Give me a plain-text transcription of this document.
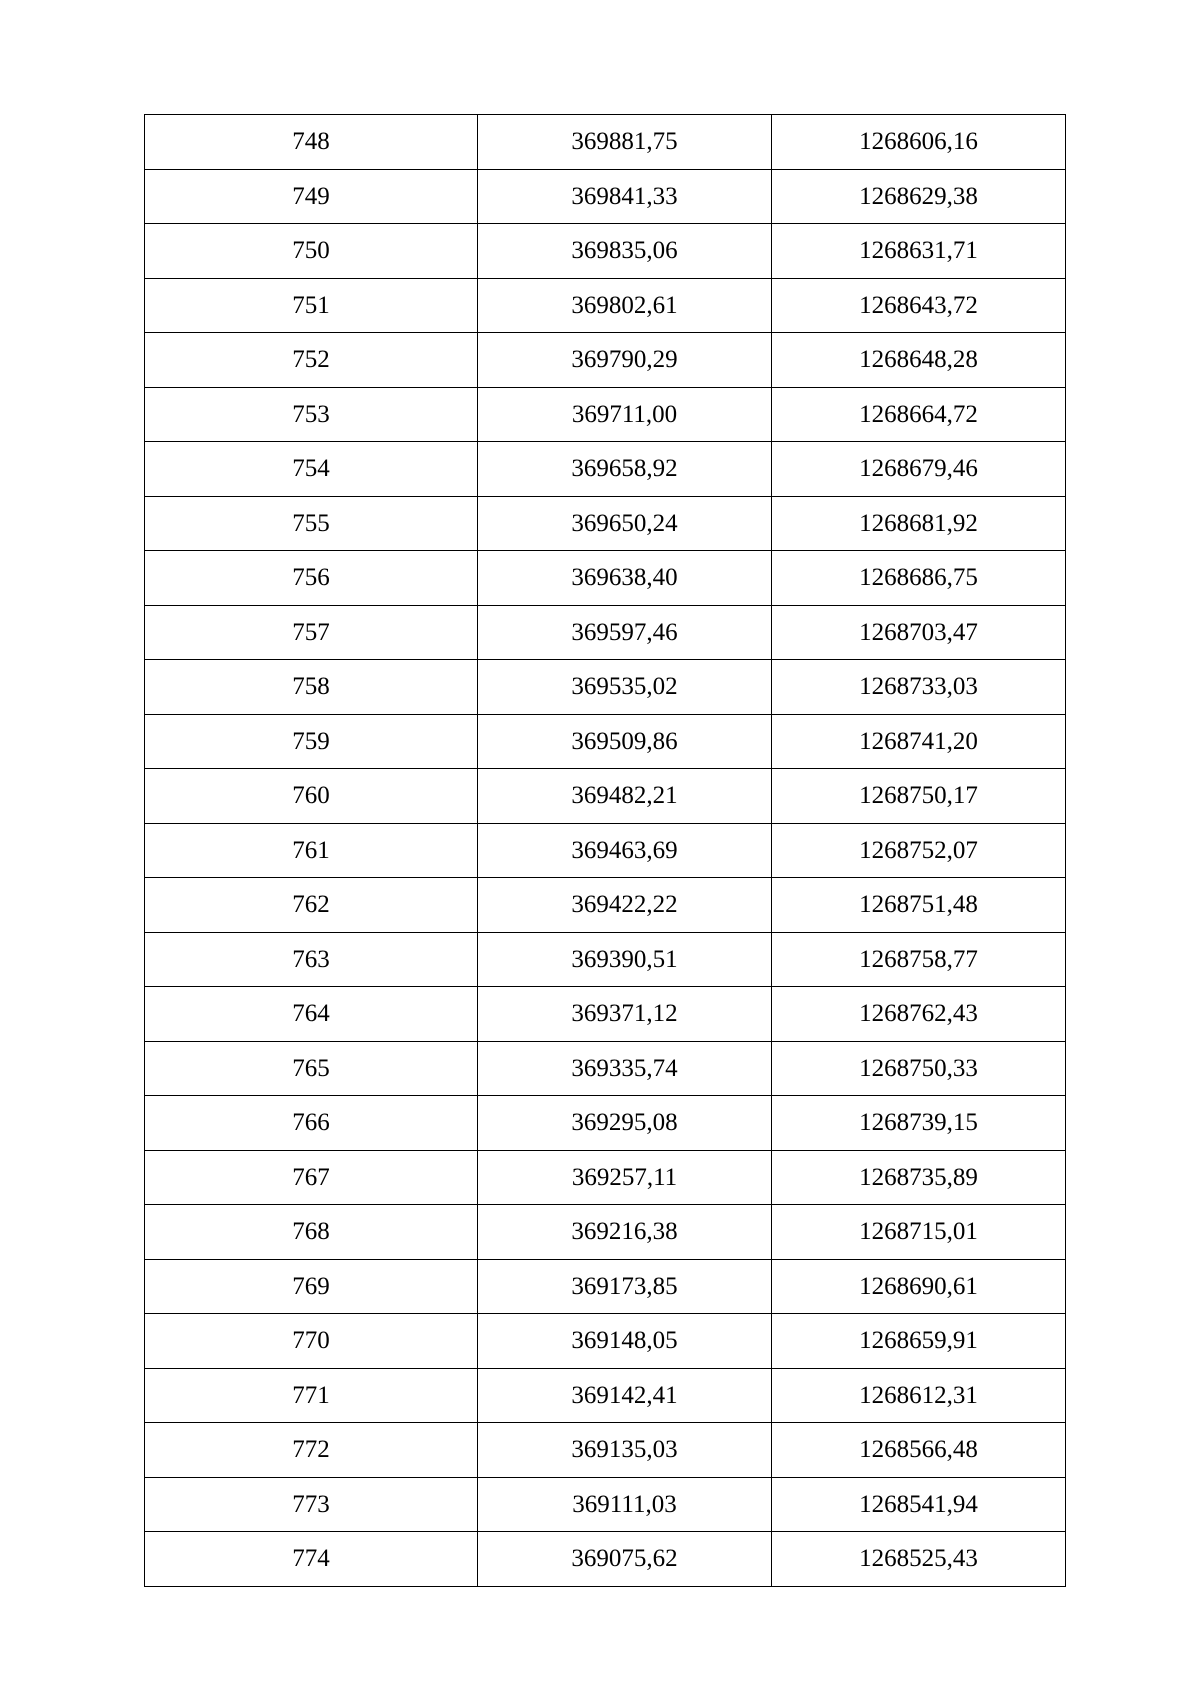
748	369881,75	1268606,16
749	369841,33	1268629,38
750	369835,06	1268631,71
751	369802,61	1268643,72
752	369790,29	1268648,28
753	369711,00	1268664,72
754	369658,92	1268679,46
755	369650,24	1268681,92
756	369638,40	1268686,75
757	369597,46	1268703,47
758	369535,02	1268733,03
759	369509,86	1268741,20
760	369482,21	1268750,17
761	369463,69	1268752,07
762	369422,22	1268751,48
763	369390,51	1268758,77
764	369371,12	1268762,43
765	369335,74	1268750,33
766	369295,08	1268739,15
767	369257,11	1268735,89
768	369216,38	1268715,01
769	369173,85	1268690,61
770	369148,05	1268659,91
771	369142,41	1268612,31
772	369135,03	1268566,48
773	369111,03	1268541,94
774	369075,62	1268525,43
